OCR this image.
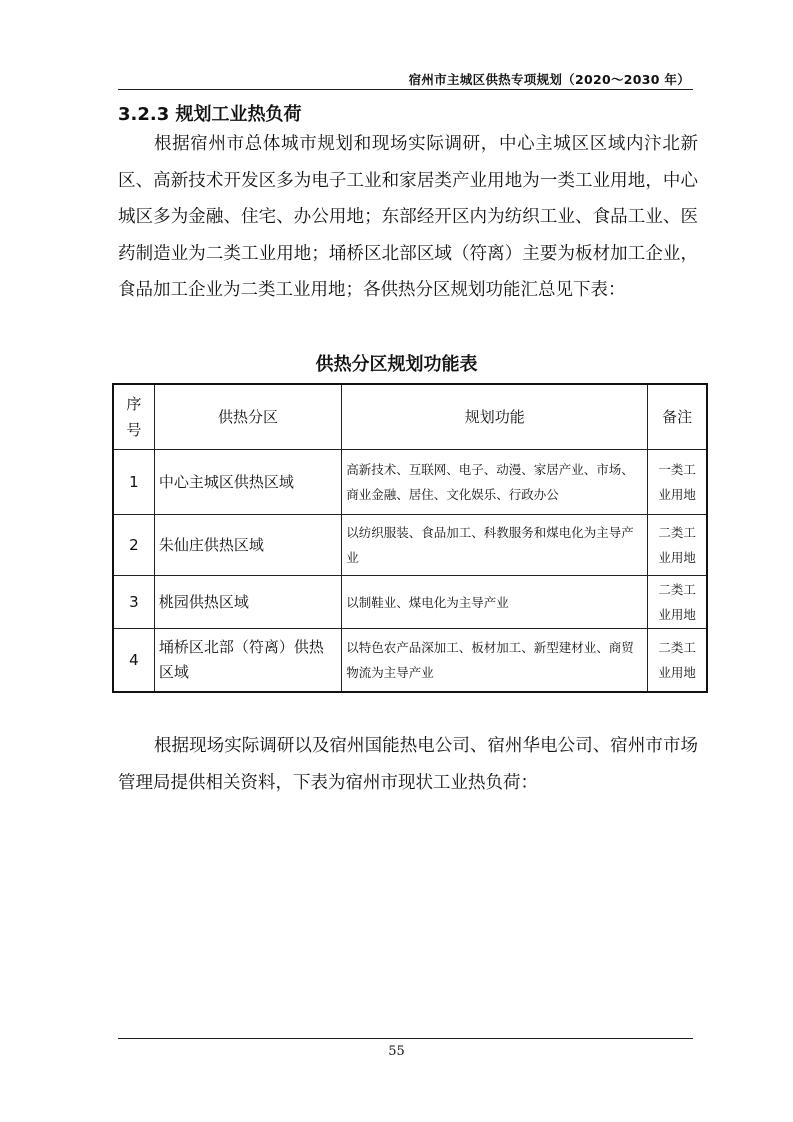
宿州市主城区供热专项规划（2020～2030 年）
3.2.3 规划工业热负荷
根据宿州市总体城市规划和现场实际调研，中心主城区区域内汴北新区、高新技术开发区多为电子工业和家居类产业用地为一类工业用地，中心城区多为金融、住宅、办公用地；东部经开区内为纺织工业、食品工业、医药制造业为二类工业用地；埇桥区北部区域（符离）主要为板材加工企业，食品加工企业为二类工业用地；各供热分区规划功能汇总见下表：
供热分区规划功能表
序号	供热分区	规划功能	备注
1	中心主城区供热区域	高新技术、互联网、电子、动漫、家居产业、市场、商业金融、居住、文化娱乐、行政办公	一类工业用地
2	朱仙庄供热区域	以纺织服装、食品加工、科教服务和煤电化为主导产业	二类工业用地
3	桃园供热区域	以制鞋业、煤电化为主导产业	二类工业用地
4	埇桥区北部（符离）供热区域	以特色农产品深加工、板材加工、新型建材业、商贸物流为主导产业	二类工业用地
根据现场实际调研以及宿州国能热电公司、宿州华电公司、宿州市市场管理局提供相关资料，下表为宿州市现状工业热负荷：
55
